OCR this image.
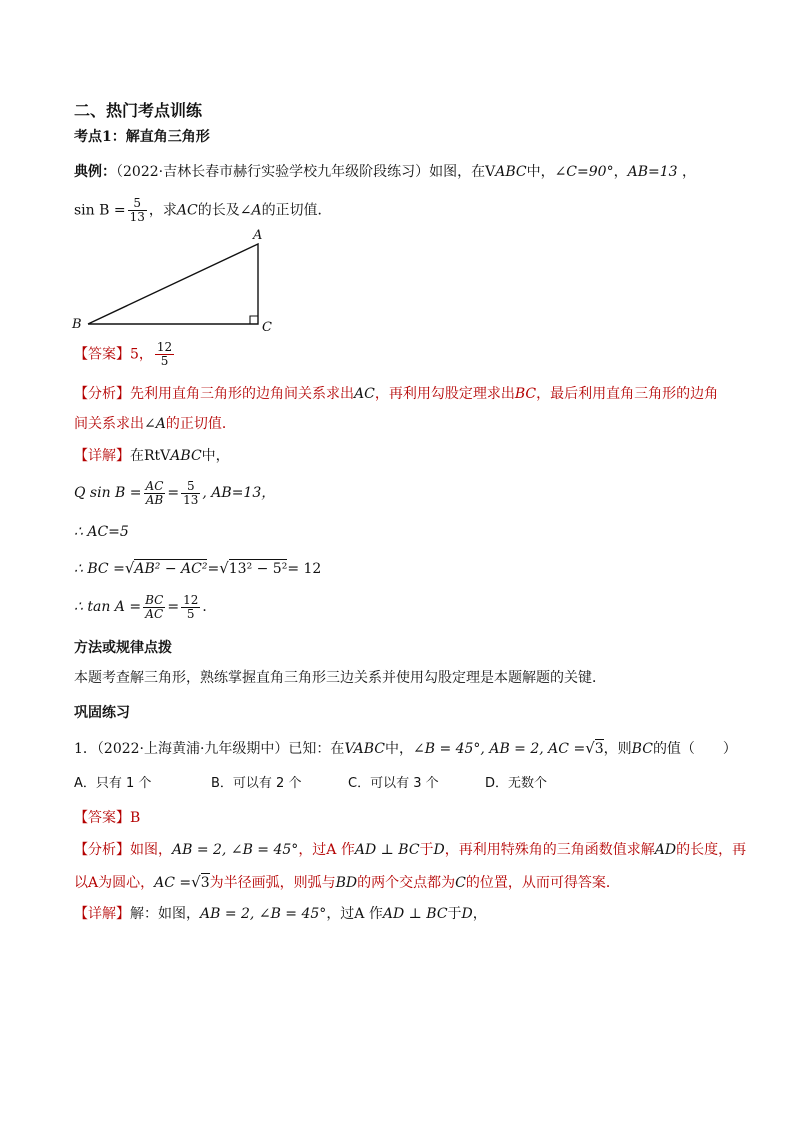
二、热门考点训练
考点1：解直角三角形
典例：（2022·吉林长春市赫行实验学校九年级阶段练习）如图，在VABC中，∠C=90°，AB=13 ，
$\sin B = \frac{5}{13}$ ，求AC的长及∠A的正切值．
A
B	C
【答案】5， $\frac{12}{5}$
【分析】先利用直角三角形的边角间关系求出AC，再利用勾股定理求出BC，最后利用直角三角形的边角
间关系求出∠A的正切值．
【详解】在RtVABC中，
Q $\sin B = \frac{AC}{AB} = \frac{5}{13}$ , AB=13，
∴ AC=5
∴ BC =√AB² − AC²=√13² − 5²= 12
∴ $\tan A = \frac{BC}{AC} = \frac{12}{5}$ ．
方法或规律点拨
本题考查解三角形，熟练掌握直角三角形三边关系并使用勾股定理是本题解题的关键．
巩固练习
1．（2022·上海黄浦·九年级期中）已知：在VABC中，∠B = 45°, AB = 2, AC =√3，则BC的值（　　）
A．只有 1 个	B．可以有 2 个	C．可以有 3 个	D．无数个
【答案】B
【分析】如图，AB = 2, ∠B = 45°，过A 作AD ⊥ BC于D，再利用特殊角的三角函数值求解AD的长度，再
以A为圆心，AC =√3为半径画弧，则弧与BD的两个交点都为C的位置，从而可得答案．
【详解】解：如图，AB = 2, ∠B = 45°，过A 作AD ⊥ BC于D，
